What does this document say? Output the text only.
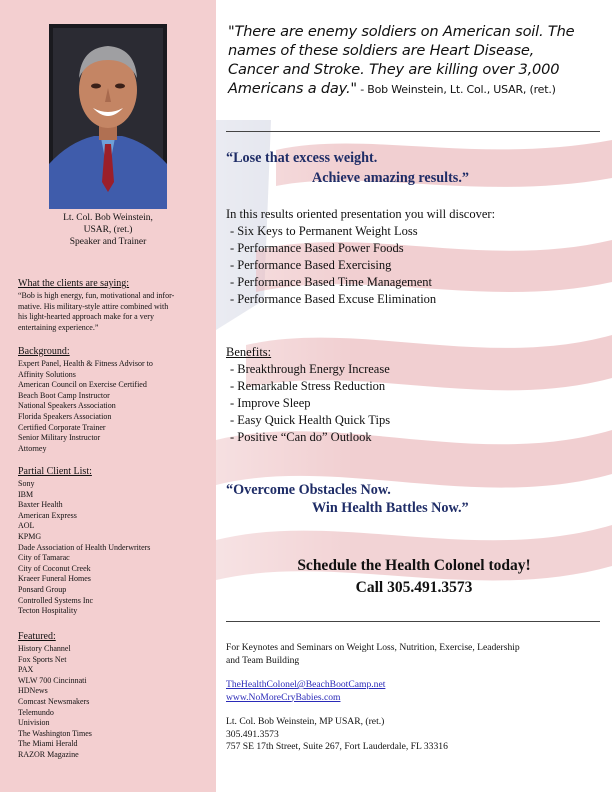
Lt. Col. Bob Weinstein,
USAR, (ret.)
Speaker and Trainer
What the clients are saying:
“Bob is high energy, fun, motivational and infor-
mative. His military-style attire combined with
his light-hearted approach make for a very
entertaining experience.”
Background:
Expert Panel, Health & Fitness Advisor to
Affinity Solutions
American Council on Exercise Certified
Beach Boot Camp Instructor
National Speakers Association
Florida Speakers Association
Certified Corporate Trainer
Senior Military Instructor
Attorney
Partial Client List:
Sony
IBM
Baxter Health
American Express
AOL
KPMG
Dade Association of Health Underwriters
City of Tamarac
City of Coconut Creek
Kraeer Funeral Homes
Ponsard Group
Controlled Systems Inc
Tecton Hospitality
Featured:
History Channel
Fox Sports Net
PAX
WLW 700 Cincinnati
HDNews
Comcast Newsmakers
Telemundo
Univision
The Washington Times
The Miami Herald
RAZOR Magazine
"There are enemy soldiers on American soil. The
names of these soldiers are Heart Disease,
Cancer and Stroke. They are killing over 3,000
Americans a day." - Bob Weinstein, Lt. Col., USAR, (ret.)
“Lose that excess weight.
Achieve amazing results.”
In this results oriented presentation you will discover:
- Six Keys to Permanent Weight Loss
- Performance Based Power Foods
- Performance Based Exercising
- Performance Based Time Management
- Performance Based Excuse Elimination
Benefits:
- Breakthrough Energy Increase
- Remarkable Stress Reduction
- Improve Sleep
- Easy Quick Health Quick Tips
- Positive “Can do” Outlook
“Overcome Obstacles Now.
Win Health Battles Now.”
Schedule the Health Colonel today!
Call 305.491.3573
For Keynotes and Seminars on Weight Loss, Nutrition, Exercise, Leadership
and Team Building
TheHealthColonel@BeachBootCamp.net
www.NoMoreCryBabies.com
Lt. Col. Bob Weinstein, MP USAR, (ret.)
305.491.3573
757 SE 17th Street, Suite 267, Fort Lauderdale, FL 33316
